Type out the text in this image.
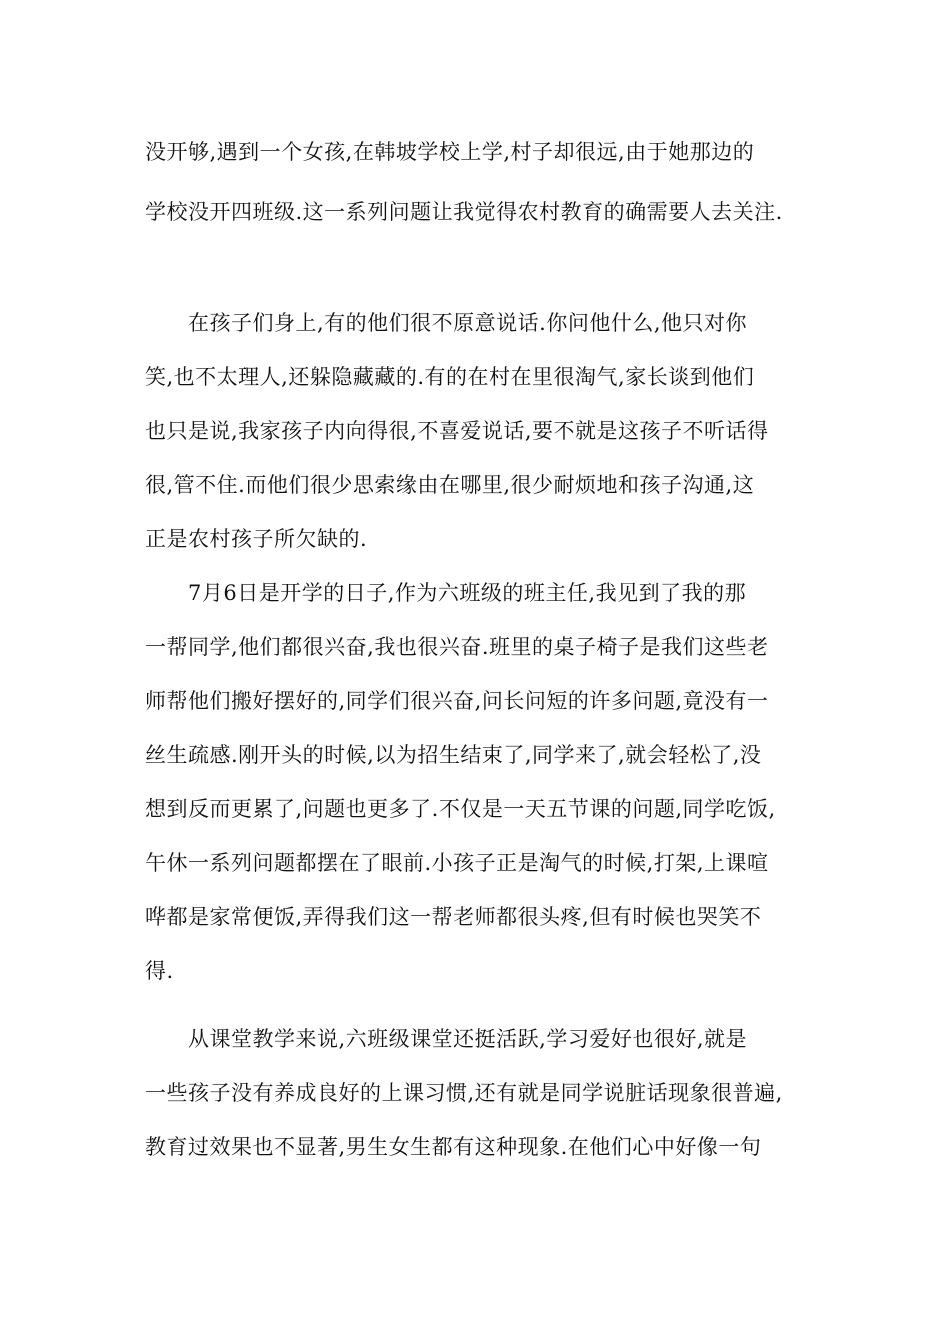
没开够,遇到一个女孩,在韩坡学校上学,村子却很远,由于她那边的
学校没开四班级.这一系列问题让我觉得农村教育的确需要人去关注.
在孩子们身上,有的他们很不原意说话.你问他什么,他只对你
笑,也不太理人,还躲隐藏藏的.有的在村在里很淘气,家长谈到他们
也只是说,我家孩子内向得很,不喜爱说话,要不就是这孩子不听话得
很,管不住.而他们很少思索缘由在哪里,很少耐烦地和孩子沟通,这
正是农村孩子所欠缺的.
7月6日是开学的日子,作为六班级的班主任,我见到了我的那
一帮同学,他们都很兴奋,我也很兴奋.班里的桌子椅子是我们这些老
师帮他们搬好摆好的,同学们很兴奋,问长问短的许多问题,竟没有一
丝生疏感.刚开头的时候,以为招生结束了,同学来了,就会轻松了,没
想到反而更累了,问题也更多了.不仅是一天五节课的问题,同学吃饭,
午休一系列问题都摆在了眼前.小孩子正是淘气的时候,打架,上课喧
哗都是家常便饭,弄得我们这一帮老师都很头疼,但有时候也哭笑不
得.
从课堂教学来说,六班级课堂还挺活跃,学习爱好也很好,就是
一些孩子没有养成良好的上课习惯,还有就是同学说脏话现象很普遍,
教育过效果也不显著,男生女生都有这种现象.在他们心中好像一句
